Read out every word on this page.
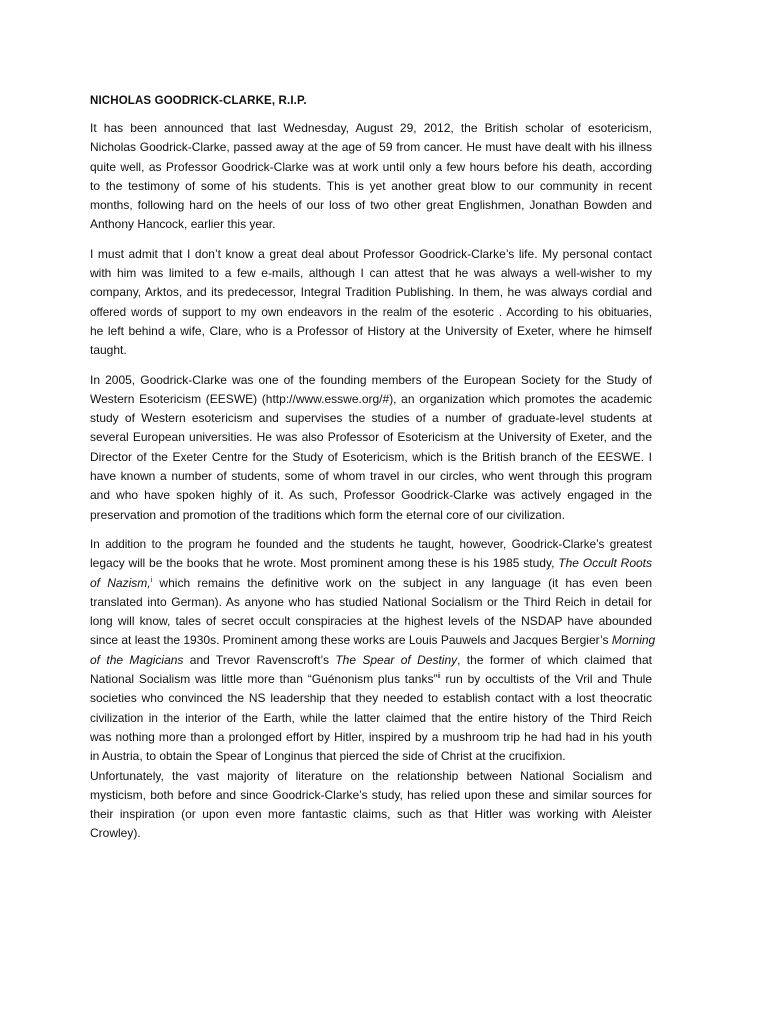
NICHOLAS GOODRICK-CLARKE, R.I.P.
It has been announced that last Wednesday, August 29, 2012, the British scholar of esotericism,
Nicholas Goodrick-Clarke, passed away at the age of 59 from cancer. He must have dealt with his illness
quite well, as Professor Goodrick-Clarke was at work until only a few hours before his death, according
to the testimony of some of his students. This is yet another great blow to our community in recent
months, following hard on the heels of our loss of two other great Englishmen, Jonathan Bowden and
Anthony Hancock, earlier this year.
I must admit that I don’t know a great deal about Professor Goodrick-Clarke’s life. My personal contact
with him was limited to a few e-mails, although I can attest that he was always a well-wisher to my
company, Arktos, and its predecessor, Integral Tradition Publishing. In them, he was always cordial and
offered words of support to my own endeavors in the realm of the esoteric . According to his obituaries,
he left behind a wife, Clare, who is a Professor of History at the University of Exeter, where he himself
taught.
In 2005, Goodrick-Clarke was one of the founding members of the European Society for the Study of
Western Esotericism (EESWE) (http://www.esswe.org/#), an organization which promotes the academic
study of Western esotericism and supervises the studies of a number of graduate-level students at
several European universities. He was also Professor of Esotericism at the University of Exeter, and the
Director of the Exeter Centre for the Study of Esotericism, which is the British branch of the EESWE. I
have known a number of students, some of whom travel in our circles, who went through this program
and who have spoken highly of it. As such, Professor Goodrick-Clarke was actively engaged in the
preservation and promotion of the traditions which form the eternal core of our civilization.
In addition to the program he founded and the students he taught, however, Goodrick-Clarke’s greatest
legacy will be the books that he wrote. Most prominent among these is his 1985 study, The Occult Roots
of Nazism,$^i$ which remains the definitive work on the subject in any language (it has even been
translated into German). As anyone who has studied National Socialism or the Third Reich in detail for
long will know, tales of secret occult conspiracies at the highest levels of the NSDAP have abounded
since at least the 1930s. Prominent among these works are Louis Pauwels and Jacques Bergier’s Morning
of the Magicians and Trevor Ravenscroft’s The Spear of Destiny, the former of which claimed that
National Socialism was little more than “Guénonism plus tanks”$^{ii}$ run by occultists of the Vril and Thule
societies who convinced the NS leadership that they needed to establish contact with a lost theocratic
civilization in the interior of the Earth, while the latter claimed that the entire history of the Third Reich
was nothing more than a prolonged effort by Hitler, inspired by a mushroom trip he had had in his youth
in Austria, to obtain the Spear of Longinus that pierced the side of Christ at the crucifixion.
Unfortunately, the vast majority of literature on the relationship between National Socialism and
mysticism, both before and since Goodrick-Clarke’s study, has relied upon these and similar sources for
their inspiration (or upon even more fantastic claims, such as that Hitler was working with Aleister
Crowley).
